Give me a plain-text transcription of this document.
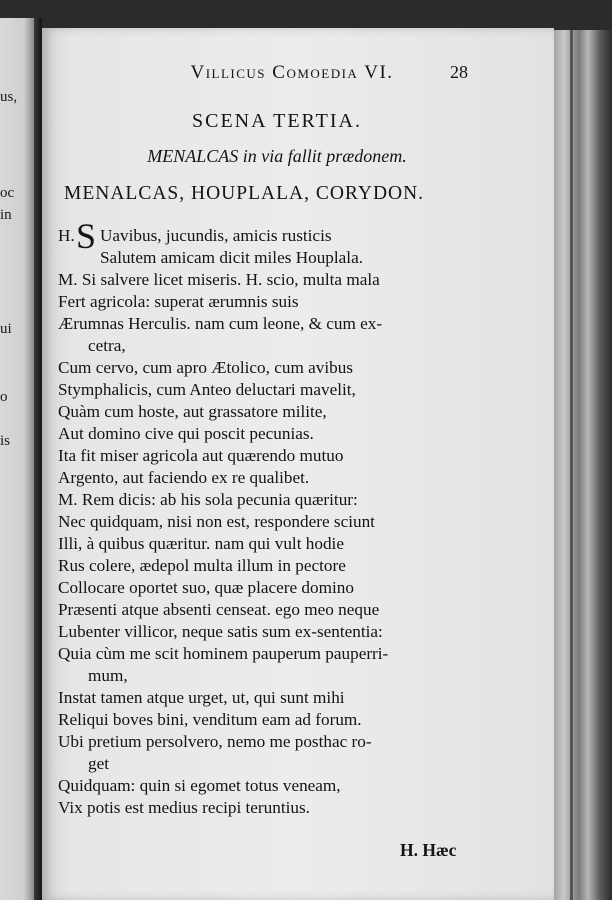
us,
oc
in
ui
o
is
Villicus Comoedia VI.	28
SCENA TERTIA.
MENALCAS in via fallit prædonem.
MENALCAS, HOUPLALA, CORYDON.
H. S Uavibus, jucundis, amicis rusticis
Salutem amicam dicit miles Houplala.
M. Si salvere licet miseris. H. scio, multa mala
Fert agricola: superat ærumnis suis
Ærumnas Herculis. nam cum leone, & cum ex-
cetra,
Cum cervo, cum apro Ætolico, cum avibus
Stymphalicis, cum Anteo deluctari mavelit,
Quàm cum hoste, aut grassatore milite,
Aut domino cive qui poscit pecunias.
Ita fit miser agricola aut quærendo mutuo
Argento, aut faciendo ex re qualibet.
M. Rem dicis: ab his sola pecunia quæritur:
Nec quidquam, nisi non est, respondere sciunt
Illi, à quibus quæritur. nam qui vult hodie
Rus colere, ædepol multa illum in pectore
Collocare oportet suo, quæ placere domino
Præsenti atque absenti censeat. ego meo neque
Lubenter villicor, neque satis sum ex-sententia:
Quia cùm me scit hominem pauperum pauperri-
mum,
Instat tamen atque urget, ut, qui sunt mihi
Reliqui boves bini, venditum eam ad forum.
Ubi pretium persolvero, nemo me posthac ro-
get
Quidquam: quin si egomet totus veneam,
Vix potis est medius recipi teruntius.
H. Hæc
